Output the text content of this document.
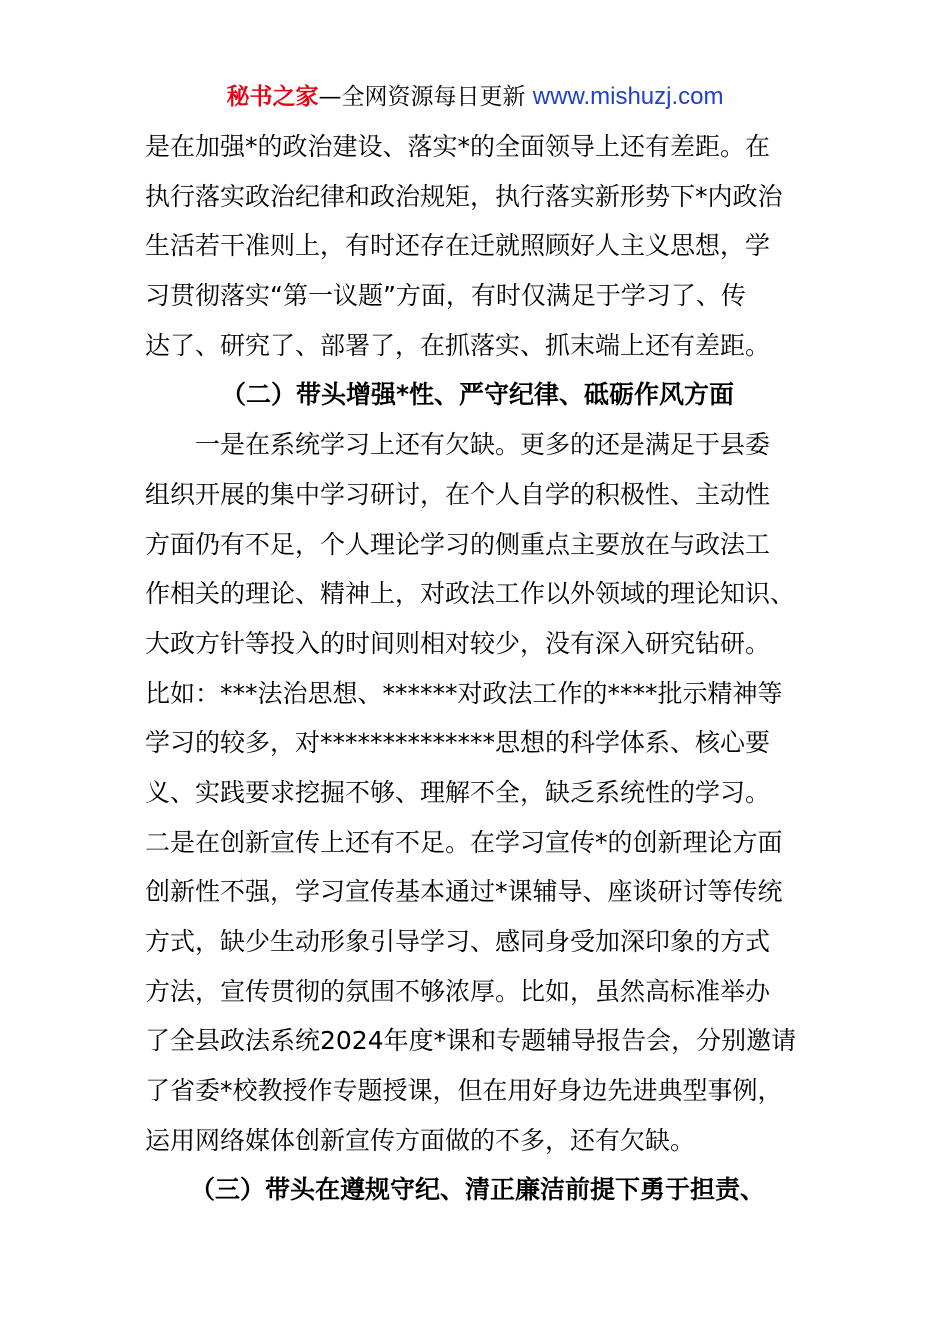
秘书之家—全网资源每日更新 www.mishuzj.com
是在加强*的政治建设、落实*的全面领导上还有差距。在
执行落实政治纪律和政治规矩，执行落实新形势下*内政治
生活若干准则上，有时还存在迁就照顾好人主义思想，学
习贯彻落实“第一议题”方面，有时仅满足于学习了、传
达了、研究了、部署了，在抓落实、抓末端上还有差距。
（二）带头增强*性、严守纪律、砥砺作风方面
一是在系统学习上还有欠缺。更多的还是满足于县委
组织开展的集中学习研讨，在个人自学的积极性、主动性
方面仍有不足，个人理论学习的侧重点主要放在与政法工
作相关的理论、精神上，对政法工作以外领域的理论知识、
大政方针等投入的时间则相对较少，没有深入研究钻研。
比如：***法治思想、******对政法工作的****批示精神等
学习的较多，对**************思想的科学体系、核心要
义、实践要求挖掘不够、理解不全，缺乏系统性的学习。
二是在创新宣传上还有不足。在学习宣传*的创新理论方面
创新性不强，学习宣传基本通过*课辅导、座谈研讨等传统
方式，缺少生动形象引导学习、感同身受加深印象的方式
方法，宣传贯彻的氛围不够浓厚。比如，虽然高标准举办
了全县政法系统2024年度*课和专题辅导报告会，分别邀请
了省委*校教授作专题授课，但在用好身边先进典型事例，
运用网络媒体创新宣传方面做的不多，还有欠缺。
（三）带头在遵规守纪、清正廉洁前提下勇于担责、
